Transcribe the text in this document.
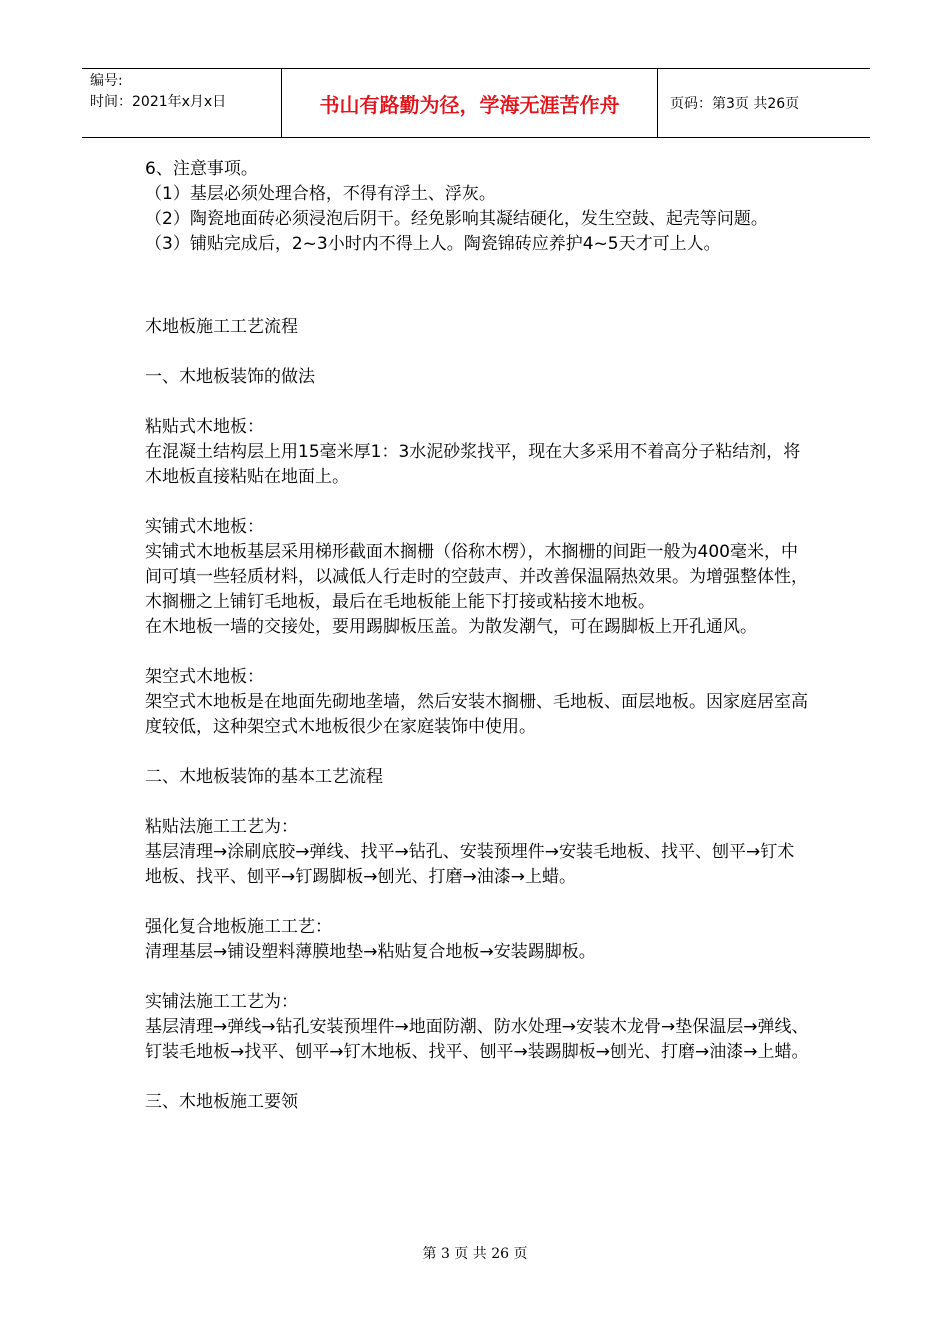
编号:
时间：2021年x月x日	书山有路勤为径，学海无涯苦作舟	页码：第3页 共26页

6、注意事项。

（1）基层必须处理合格，不得有浮土、浮灰。

（2）陶瓷地面砖必须浸泡后阴干。经免影响其凝结硬化，发生空鼓、起壳等问题。

（3）铺贴完成后，2~3小时内不得上人。陶瓷锦砖应养护4~5天才可上人。

木地板施工工艺流程

一、木地板装饰的做法

粘贴式木地板：

在混凝土结构层上用15毫米厚1：3水泥砂浆找平，现在大多采用不着高分子粘结剂，将木地板直接粘贴在地面上。

实铺式木地板：

实铺式木地板基层采用梯形截面木搁栅（俗称木楞），木搁栅的间距一般为400毫米，中间可填一些轻质材料，以减低人行走时的空鼓声、并改善保温隔热效果。为增强整体性，木搁栅之上铺钉毛地板，最后在毛地板能上能下打接或粘接木地板。

在木地板一墙的交接处，要用踢脚板压盖。为散发潮气，可在踢脚板上开孔通风。

架空式木地板：

架空式木地板是在地面先砌地垄墙，然后安装木搁栅、毛地板、面层地板。因家庭居室高度较低，这种架空式木地板很少在家庭装饰中使用。

二、木地板装饰的基本工艺流程

粘贴法施工工艺为：

基层清理→涂刷底胶→弹线、找平→钻孔、安装预埋件→安装毛地板、找平、刨平→钉术地板、找平、刨平→钉踢脚板→刨光、打磨→油漆→上蜡。

强化复合地板施工工艺：

清理基层→铺设塑料薄膜地垫→粘贴复合地板→安装踢脚板。

实铺法施工工艺为：

基层清理→弹线→钻孔安装预埋件→地面防潮、防水处理→安装木龙骨→垫保温层→弹线、钉装毛地板→找平、刨平→钉木地板、找平、刨平→装踢脚板→刨光、打磨→油漆→上蜡。

三、木地板施工要领

第 3 页 共 26 页
